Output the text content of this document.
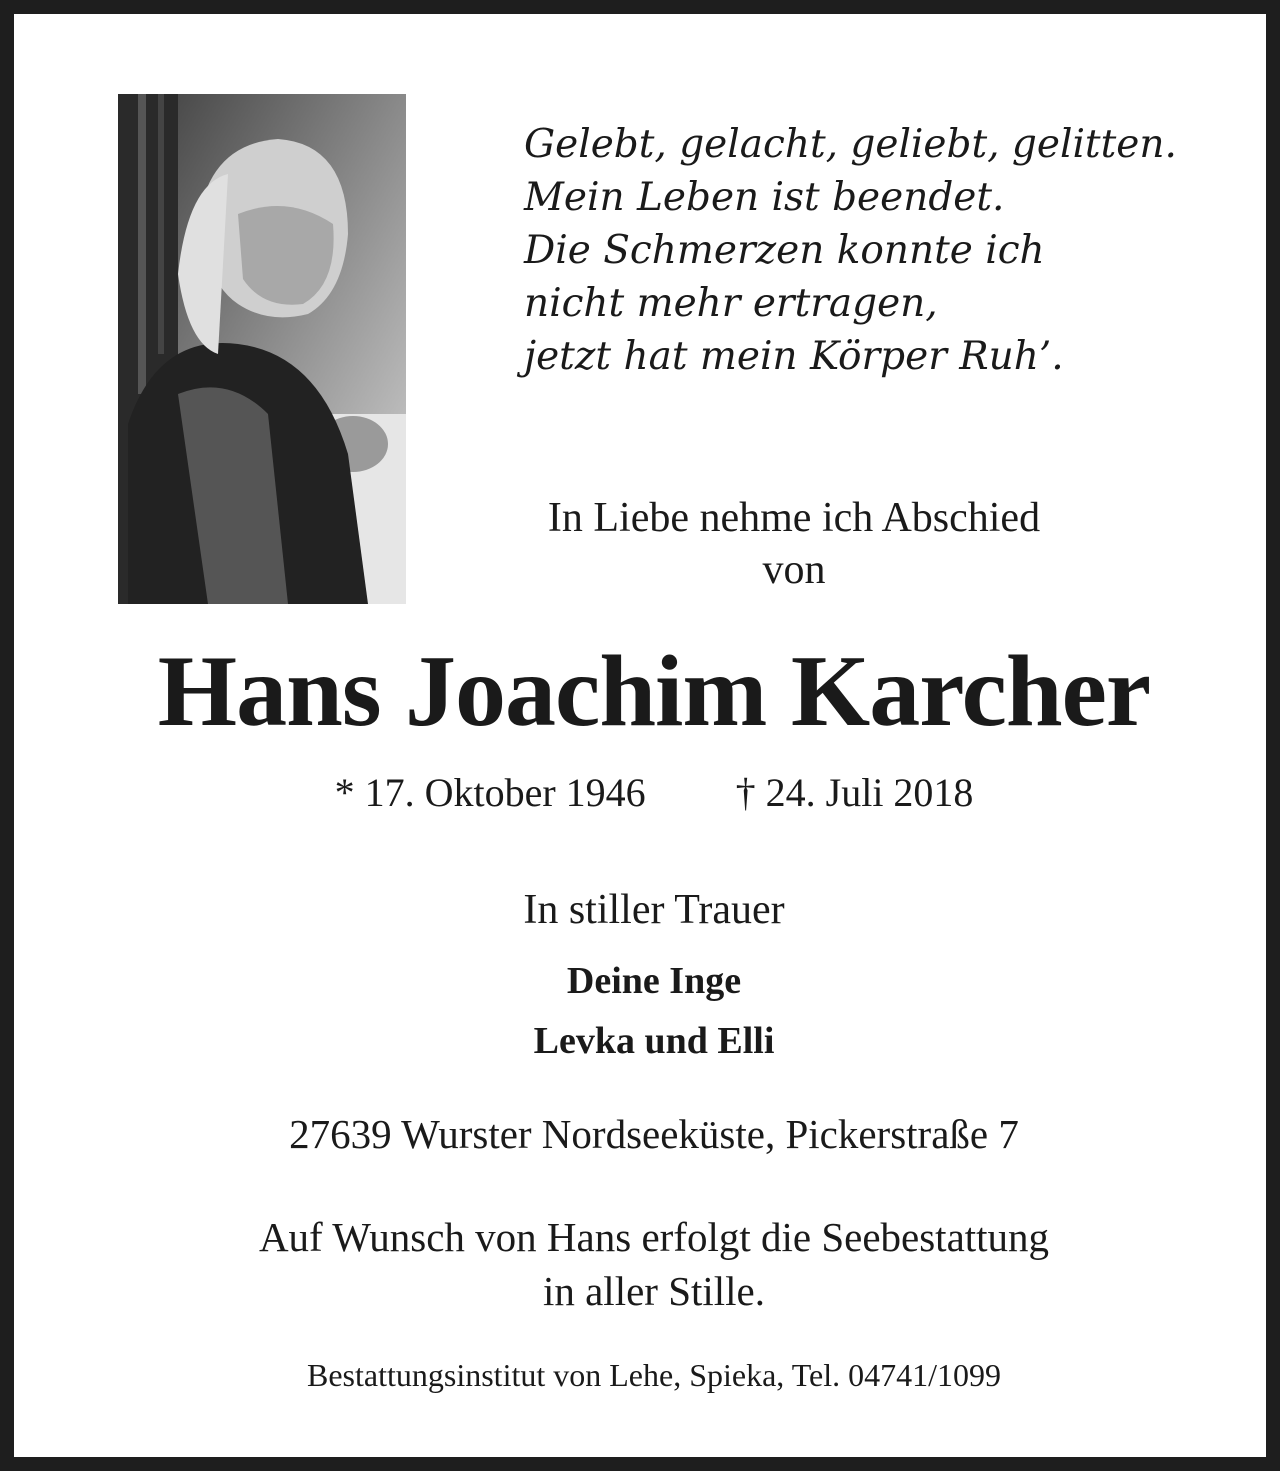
Gelebt, gelacht, geliebt, gelitten.
Mein Leben ist beendet.
Die Schmerzen konnte ich
nicht mehr ertragen,
jetzt hat mein Körper Ruh’.
In Liebe nehme ich Abschied
von
Hans Joachim Karcher
* 17. Oktober 1946 † 24. Juli 2018
In stiller Trauer
Deine Inge
Levka und Elli
27639 Wurster Nordseeküste, Pickerstraße 7
Auf Wunsch von Hans erfolgt die Seebestattung
in aller Stille.
Bestattungsinstitut von Lehe, Spieka, Tel. 04741/1099
